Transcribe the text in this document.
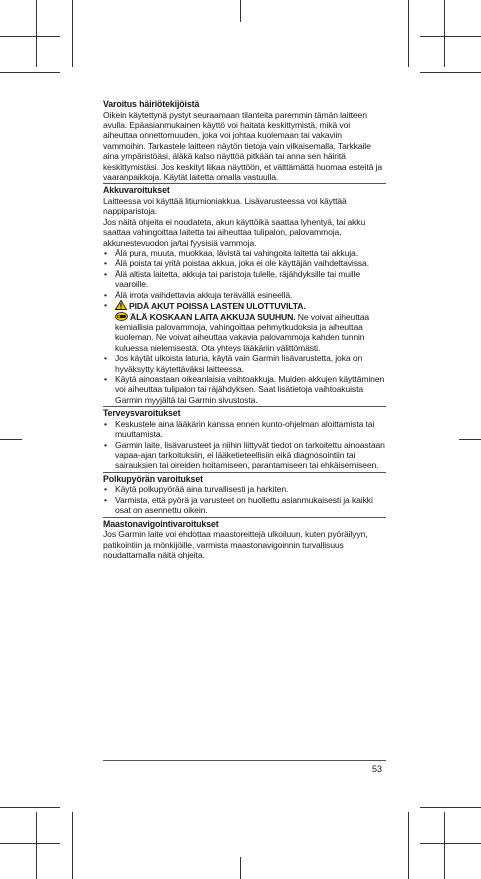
Varoitus häiriötekijöistä

Oikein käytettynä pystyt seuraamaan tilanteita paremmin tämän laitteen avulla. Epäasianmukainen käyttö voi haitata keskittymistä, mikä voi aiheuttaa onnettomuuden, joka voi johtaa kuolemaan tai vakaviin vammoihin. Tarkastele laitteen näytön tietoja vain vilkaisemalla. Tarkkaile aina ympäristöäsi, äläkä katso näyttöä pitkään tai anna sen häiritä keskittymistäsi. Jos keskityt liikaa näyttöön, et välttämättä huomaa esteitä ja vaaranpaikkoja. Käytät laitetta omalla vastuulla.

Akkuvaroitukset

Laitteessa voi käyttää litiumioniakkua. Lisävarusteessa voi käyttää nappiparistoja.

Jos näitä ohjeita ei noudateta, akun käyttöikä saattaa lyhentyä, tai akku saattaa vahingoittaa laitetta tai aiheuttaa tulipalon, palovammoja, akkunestevuodon ja/tai fyysisiä vammoja.

• Älä pura, muuta, muokkaa, lävistä tai vahingoita laitetta tai akkuja.
• Älä poista tai yritä poistaa akkua, joka ei ole käyttäjän vaihdettavissa.
• Älä altista laitetta, akkuja tai paristoja tulelle, räjähdyksille tai muille vaaroille.
• Älä irrota vaihdettavia akkuja terävällä esineellä.
• PIDÄ AKUT POISSA LASTEN ULOTTUVILTA.
ÄLÄ KOSKAAN LAITA AKKUJA SUUHUN. Ne voivat aiheuttaa kemiallisia palovammoja, vahingoittaa pehmytkudoksia ja aiheuttaa kuoleman. Ne voivat aiheuttaa vakavia palovammoja kahden tunnin kuluessa nielemisestä. Ota yhteys lääkäriin välittömästi.
• Jos käytät ulkoista laturia, käytä vain Garmin lisävarustetta, joka on hyväksytty käytettäväksi laitteessa.
• Käytä ainoastaan oikeanlaisia vaihtoakkuja. Muiden akkujen käyttäminen voi aiheuttaa tulipalon tai räjähdyksen. Saat lisätietoja vaihtoakuista Garmin myyjältä tai Garmin sivustosta.
Terveysvaroitukset
• Keskustele aina lääkärin kanssa ennen kunto-ohjelman aloittamista tai muuttamista.
• Garmin laite, lisävarusteet ja niihin liittyvät tiedot on tarkoitettu ainoastaan vapaa-ajan tarkoituksiin, ei lääketieteellisiin eikä diagnosointiin tai sairauksien tai oireiden hoitamiseen, parantamiseen tai ehkäisemiseen.
Polkupyörän varoitukset
• Käytä polkupyörää aina turvallisesti ja harkiten.
• Varmista, että pyörä ja varusteet on huollettu asianmukaisesti ja kaikki osat on asennettu oikein.
Maastonavigointivaroitukset

Jos Garmin laite voi ehdottaa maastoreittejä ulkoiluun, kuten pyöräilyyn, patikointiin ja mönkijöille, varmista maastonavigoinnin turvallisuus noudattamalla näitä ohjeita.

53
